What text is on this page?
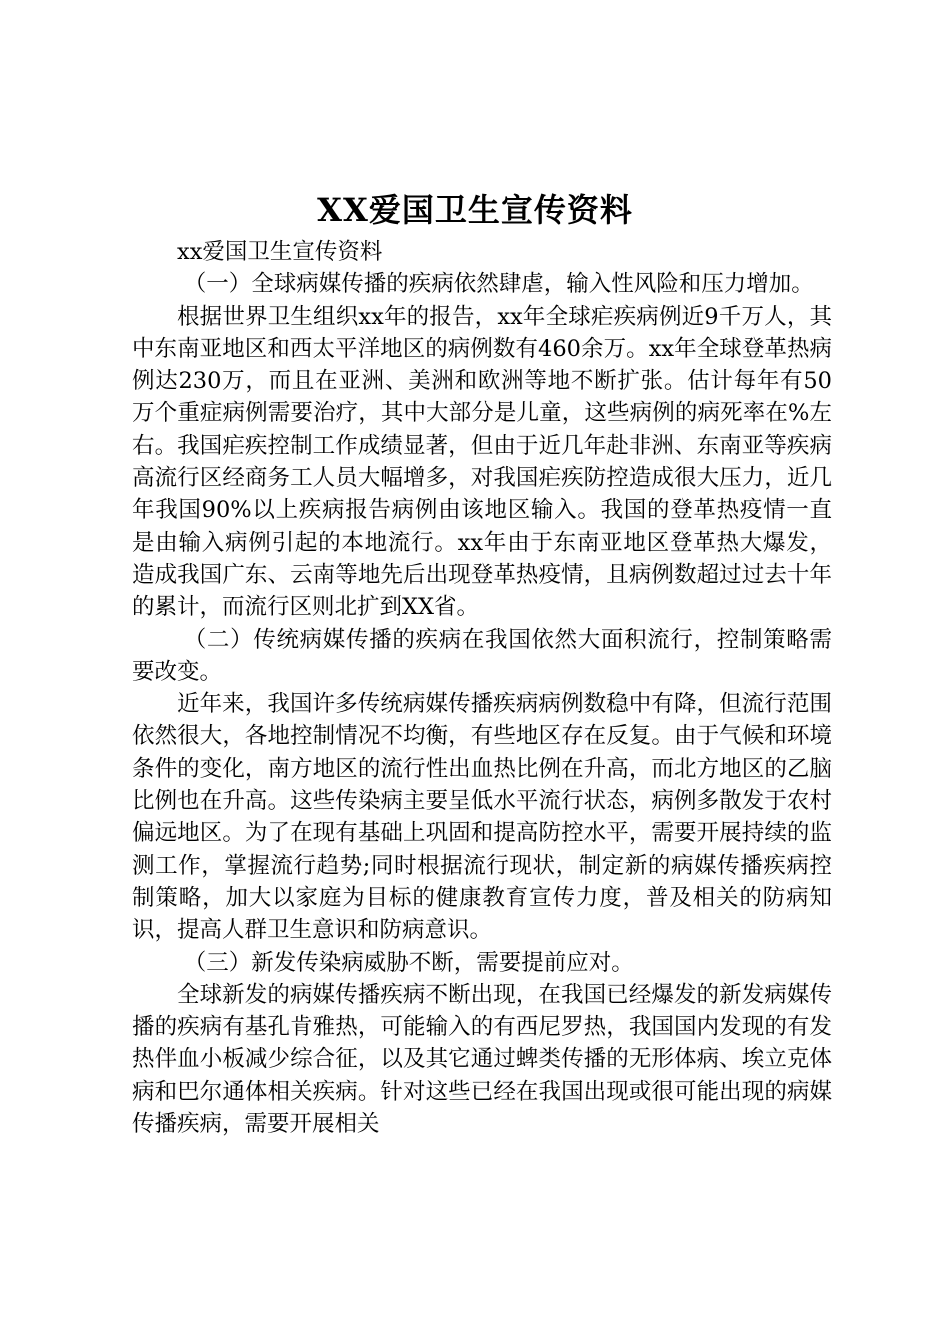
XX爱国卫生宣传资料

xx爱国卫生宣传资料

（一）全球病媒传播的疾病依然肆虐，输入性风险和压力增加。

根据世界卫生组织xx年的报告，xx年全球疟疾病例近9千万人，其中东南亚地区和西太平洋地区的病例数有460余万。xx年全球登革热病例达230万，而且在亚洲、美洲和欧洲等地不断扩张。估计每年有50万个重症病例需要治疗，其中大部分是儿童，这些病例的病死率在%左右。我国疟疾控制工作成绩显著，但由于近几年赴非洲、东南亚等疾病高流行区经商务工人员大幅增多，对我国疟疾防控造成很大压力，近几年我国90%以上疾病报告病例由该地区输入。我国的登革热疫情一直是由输入病例引起的本地流行。xx年由于东南亚地区登革热大爆发，造成我国广东、云南等地先后出现登革热疫情，且病例数超过过去十年的累计，而流行区则北扩到XX省。

（二）传统病媒传播的疾病在我国依然大面积流行，控制策略需要改变。

近年来，我国许多传统病媒传播疾病病例数稳中有降，但流行范围依然很大，各地控制情况不均衡，有些地区存在反复。由于气候和环境条件的变化，南方地区的流行性出血热比例在升高，而北方地区的乙脑比例也在升高。这些传染病主要呈低水平流行状态，病例多散发于农村偏远地区。为了在现有基础上巩固和提高防控水平，需要开展持续的监测工作，掌握流行趋势;同时根据流行现状，制定新的病媒传播疾病控制策略，加大以家庭为目标的健康教育宣传力度，普及相关的防病知识，提高人群卫生意识和防病意识。

（三）新发传染病威胁不断，需要提前应对。

全球新发的病媒传播疾病不断出现，在我国已经爆发的新发病媒传播的疾病有基孔肯雅热，可能输入的有西尼罗热，我国国内发现的有发热伴血小板减少综合征，以及其它通过蜱类传播的无形体病、埃立克体病和巴尔通体相关疾病。针对这些已经在我国出现或很可能出现的病媒传播疾病，需要开展相关
